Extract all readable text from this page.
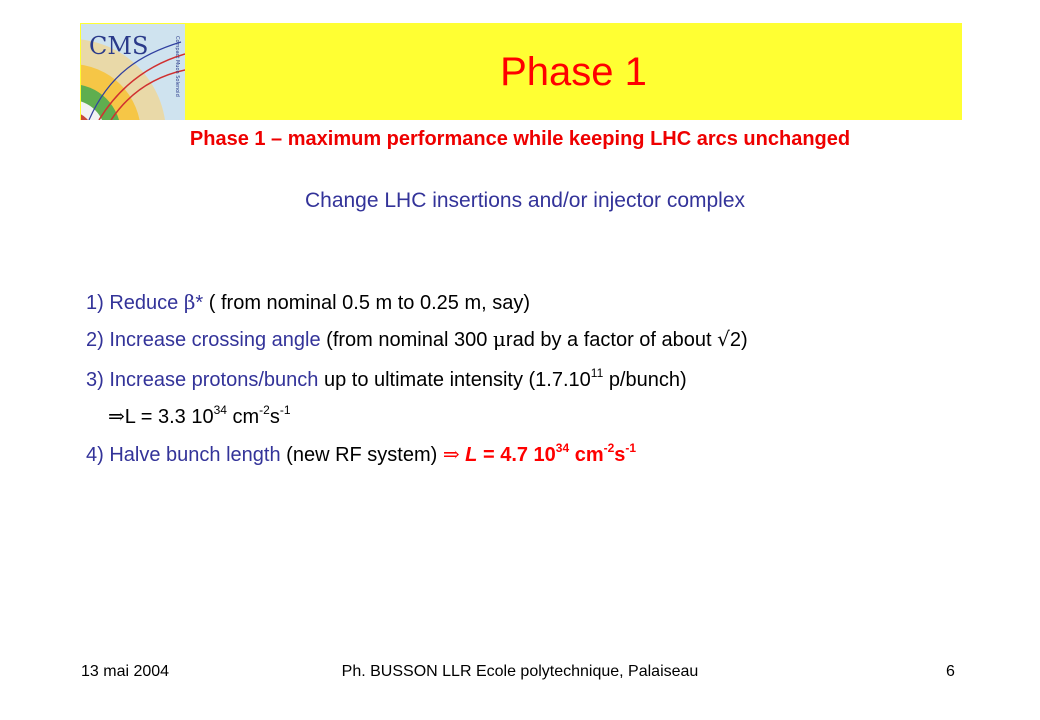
CMS	Compact Muon Solenoid	Phase 1
Phase 1 – maximum performance while keeping LHC arcs unchanged
Change LHC insertions and/or injector complex
1) Reduce β* ( from nominal 0.5 m to 0.25 m, say)
2) Increase crossing angle (from nominal 300 μrad by a factor of about √2)
3) Increase protons/bunch up to ultimate intensity (1.7.10$^{11}$ p/bunch)
⇒L = 3.3 $10^{34}$ $cm^{-2}s^{-1}$
4) Halve bunch length (new RF system) ⇒ L = 4.7 $10^{34}$ $cm^{-2}s^{-1}$
13 mai 2004	Ph. BUSSON LLR Ecole polytechnique, Palaiseau	6
